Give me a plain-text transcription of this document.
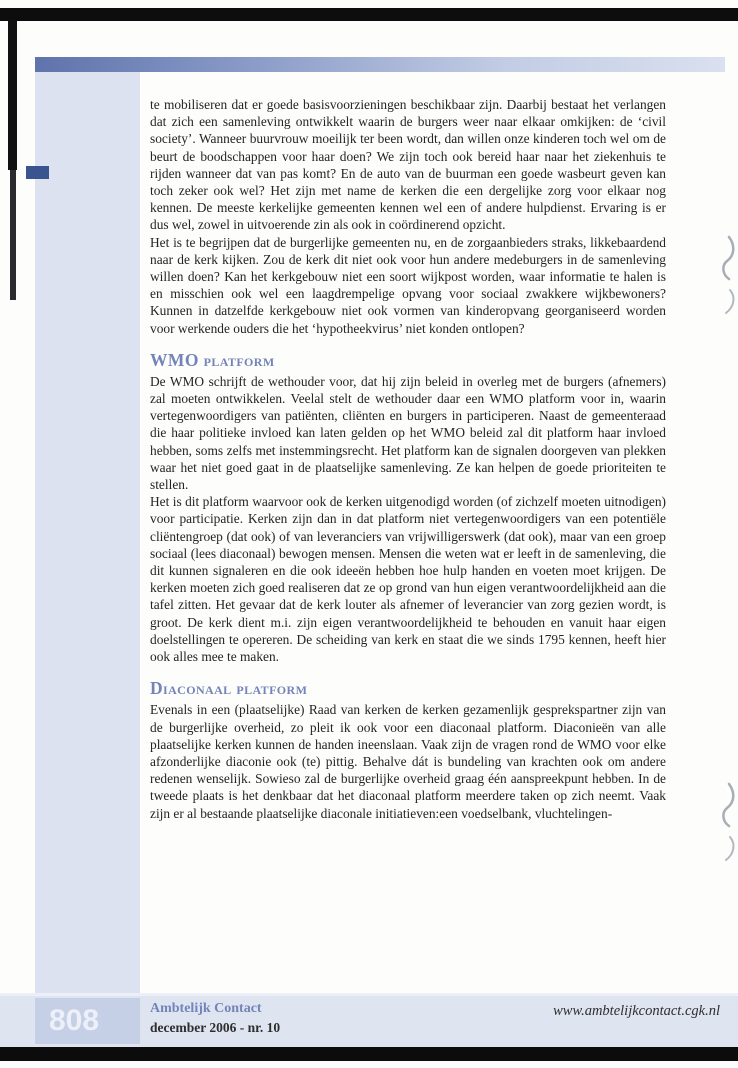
te mobiliseren dat er goede basisvoorzieningen beschikbaar zijn. Daarbij bestaat het verlangen dat zich een samenleving ontwikkelt waarin de burgers weer naar elkaar omkijken: de ‘civil society’. Wanneer buurvrouw moeilijk ter been wordt, dan willen onze kinderen toch wel om de beurt de boodschappen voor haar doen? We zijn toch ook bereid haar naar het ziekenhuis te rijden wanneer dat van pas komt? En de auto van de buurman een goede wasbeurt geven kan toch zeker ook wel? Het zijn met name de kerken die een dergelijke zorg voor elkaar nog kennen. De meeste kerkelijke gemeenten kennen wel een of andere hulpdienst. Ervaring is er dus wel, zowel in uitvoerende zin als ook in coördinerend opzicht.

Het is te begrijpen dat de burgerlijke gemeenten nu, en de zorgaanbieders straks, likkebaardend naar de kerk kijken. Zou de kerk dit niet ook voor hun andere medeburgers in de samenleving willen doen? Kan het kerkgebouw niet een soort wijkpost worden, waar informatie te halen is en misschien ook wel een laagdrempelige opvang voor sociaal zwakkere wijkbewoners? Kunnen in datzelfde kerkgebouw niet ook vormen van kinderopvang georganiseerd worden voor werkende ouders die het ‘hypotheekvirus’ niet konden ontlopen?

WMO platform

De WMO schrijft de wethouder voor, dat hij zijn beleid in overleg met de burgers (afnemers) zal moeten ontwikkelen. Veelal stelt de wethouder daar een WMO platform voor in, waarin vertegenwoordigers van patiënten, cliënten en burgers in participeren. Naast de gemeenteraad die haar politieke invloed kan laten gelden op het WMO beleid zal dit platform haar invloed hebben, soms zelfs met instemmingsrecht. Het platform kan de signalen doorgeven van plekken waar het niet goed gaat in de plaatselijke samenleving. Ze kan helpen de goede prioriteiten te stellen.

Het is dit platform waarvoor ook de kerken uitgenodigd worden (of zichzelf moeten uitnodigen) voor participatie. Kerken zijn dan in dat platform niet vertegenwoordigers van een potentiële cliëntengroep (dat ook) of van leveranciers van vrijwilligerswerk (dat ook), maar van een groep sociaal (lees diaconaal) bewogen mensen. Mensen die weten wat er leeft in de samenleving, die dit kunnen signaleren en die ook ideeën hebben hoe hulp handen en voeten moet krijgen. De kerken moeten zich goed realiseren dat ze op grond van hun eigen verantwoordelijkheid aan die tafel zitten. Het gevaar dat de kerk louter als afnemer of leverancier van zorg gezien wordt, is groot. De kerk dient m.i. zijn eigen verantwoordelijkheid te behouden en vanuit haar eigen doelstellingen te opereren. De scheiding van kerk en staat die we sinds 1795 kennen, heeft hier ook alles mee te maken.

Diaconaal platform

Evenals in een (plaatselijke) Raad van kerken de kerken gezamenlijk gesprekspartner zijn van de burgerlijke overheid, zo pleit ik ook voor een diaconaal platform. Diaconieën van alle plaatselijke kerken kunnen de handen ineenslaan. Vaak zijn de vragen rond de WMO voor elke afzonderlijke diaconie ook (te) pittig. Behalve dát is bundeling van krachten ook om andere redenen wenselijk. Sowieso zal de burgerlijke overheid graag één aanspreekpunt hebben. In de tweede plaats is het denkbaar dat het diaconaal platform meerdere taken op zich neemt. Vaak zijn er al bestaande plaatselijke diaconale initiatieven:een voedselbank, vluchtelingen-

808	Ambtelijk Contact
december 2006 - nr. 10
www.ambtelijkcontact.cgk.nl
